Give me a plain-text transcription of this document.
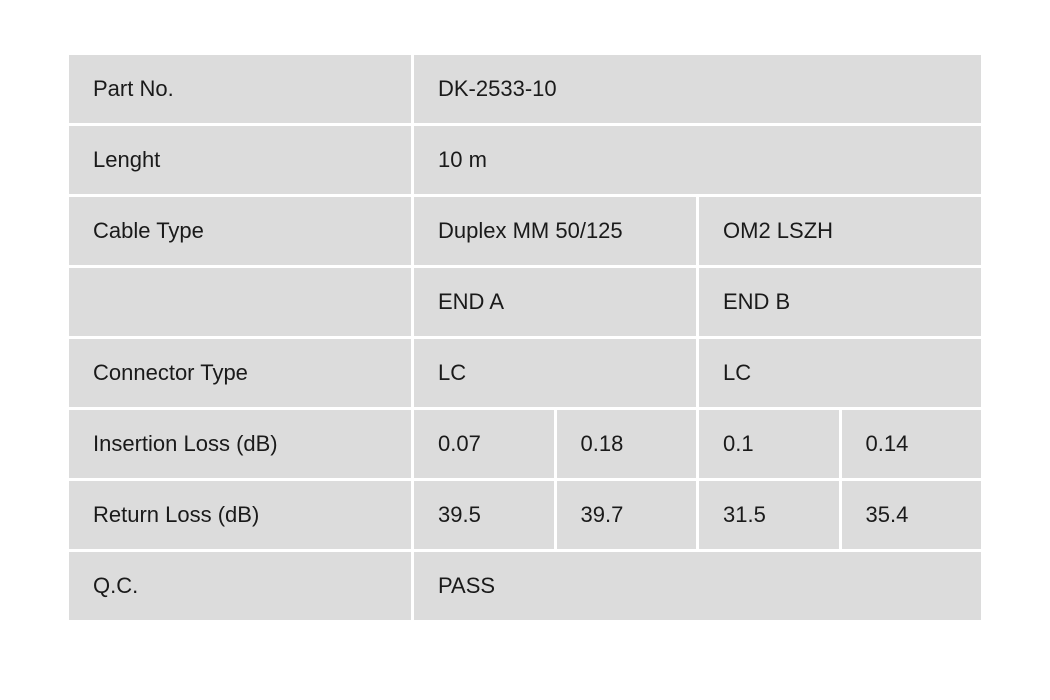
Part No.	DK-2533-10			
Lenght	10 m			
Cable Type	Duplex MM 50/125		OM2 LSZH	
	END A		END B	
Connector Type	LC		LC	
Insertion Loss (dB)	0.07	0.18	0.1	0.14
Return Loss (dB)	39.5	39.7	31.5	35.4
Q.C.	PASS			
